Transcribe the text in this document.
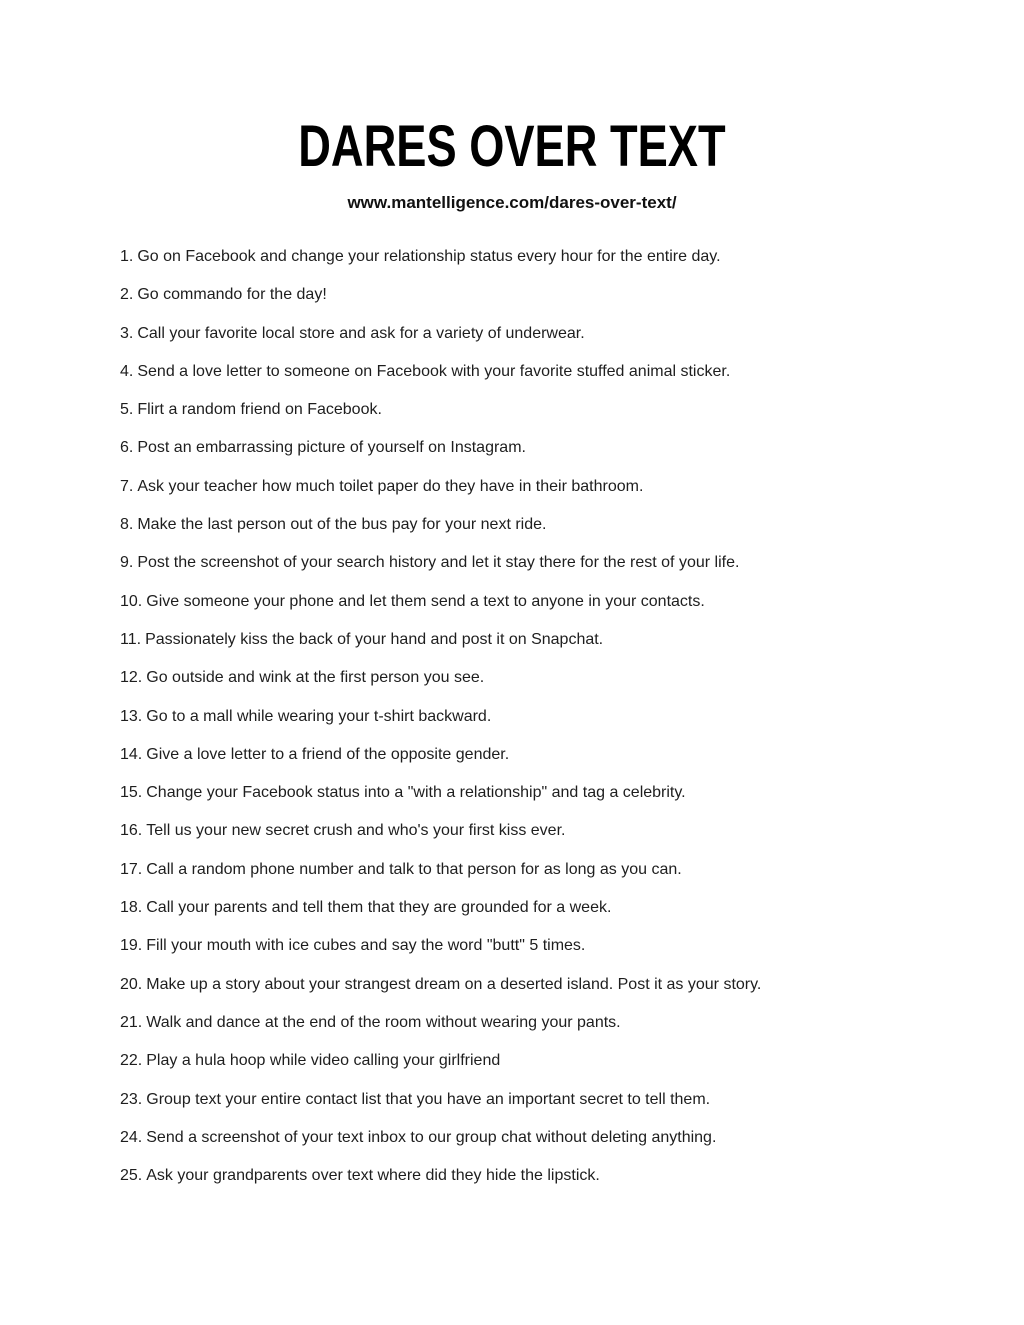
DARES OVER TEXT
www.mantelligence.com/dares-over-text/
1. Go on Facebook and change your relationship status every hour for the entire day.
2. Go commando for the day!
3. Call your favorite local store and ask for a variety of underwear.
4. Send a love letter to someone on Facebook with your favorite stuffed animal sticker.
5. Flirt a random friend on Facebook.
6. Post an embarrassing picture of yourself on Instagram.
7. Ask your teacher how much toilet paper do they have in their bathroom.
8. Make the last person out of the bus pay for your next ride.
9. Post the screenshot of your search history and let it stay there for the rest of your life.
10. Give someone your phone and let them send a text to anyone in your contacts.
11. Passionately kiss the back of your hand and post it on Snapchat.
12. Go outside and wink at the first person you see.
13. Go to a mall while wearing your t-shirt backward.
14. Give a love letter to a friend of the opposite gender.
15. Change your Facebook status into a "with a relationship" and tag a celebrity.
16. Tell us your new secret crush and who's your first kiss ever.
17. Call a random phone number and talk to that person for as long as you can.
18. Call your parents and tell them that they are grounded for a week.
19. Fill your mouth with ice cubes and say the word "butt" 5 times.
20. Make up a story about your strangest dream on a deserted island. Post it as your story.
21. Walk and dance at the end of the room without wearing your pants.
22. Play a hula hoop while video calling your girlfriend
23. Group text your entire contact list that you have an important secret to tell them.
24. Send a screenshot of your text inbox to our group chat without deleting anything.
25. Ask your grandparents over text where did they hide the lipstick.
